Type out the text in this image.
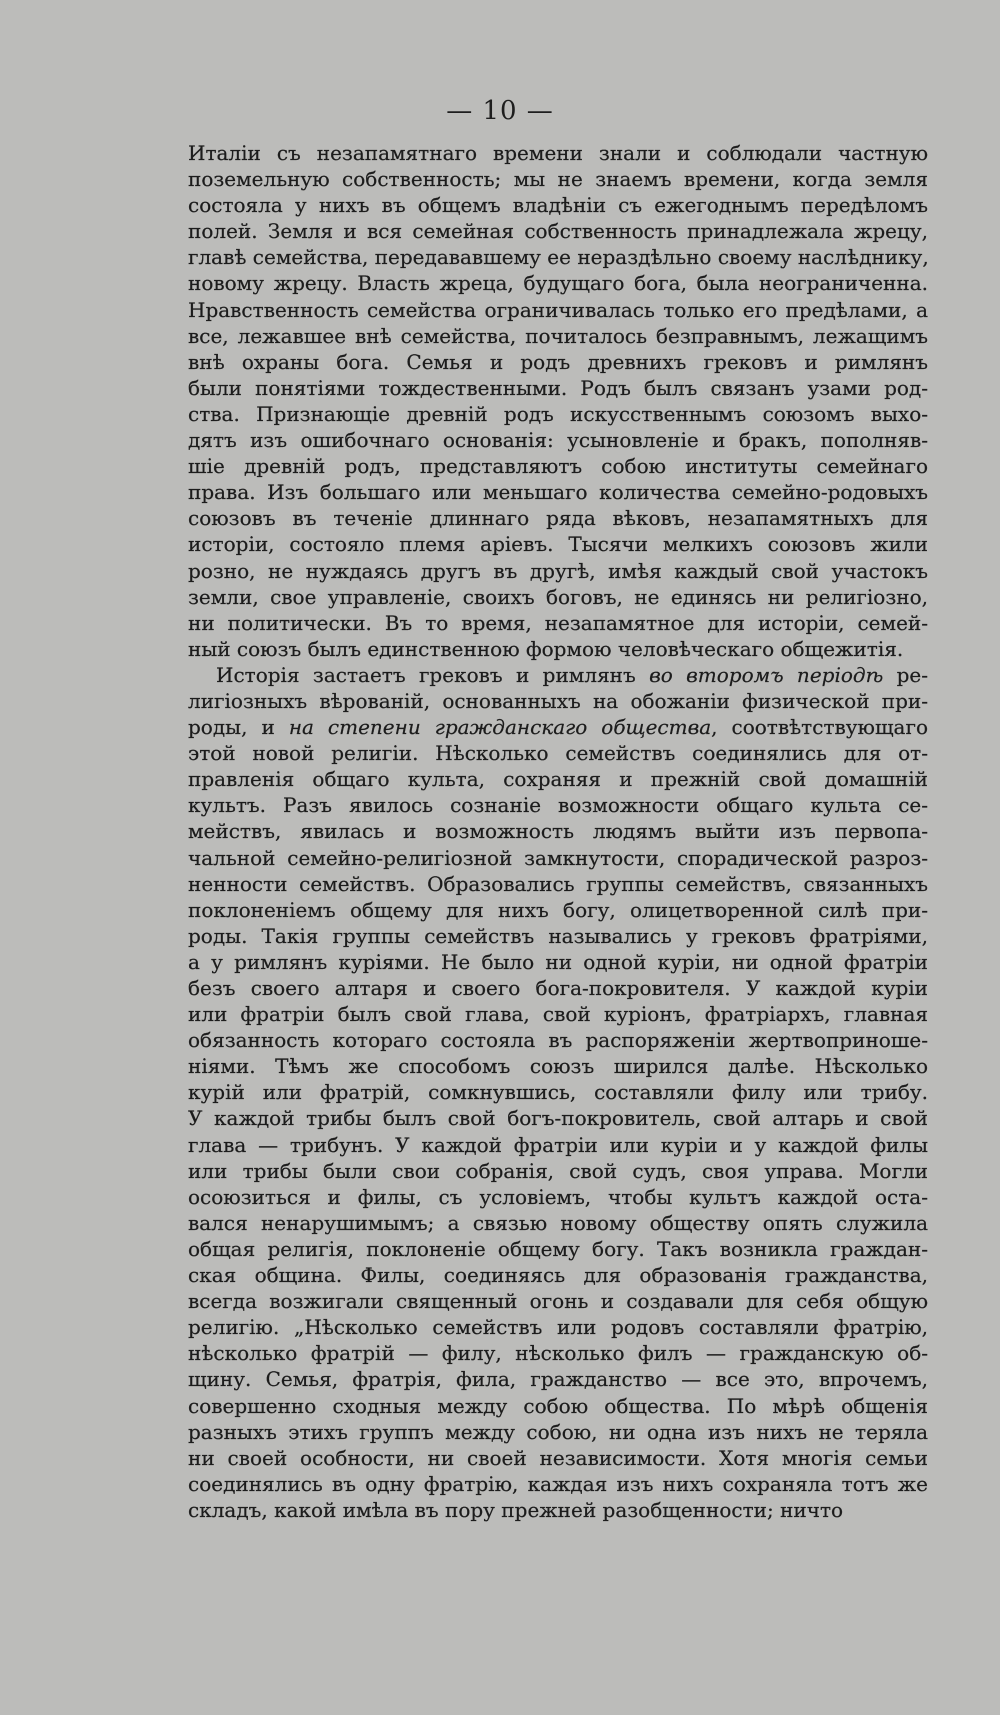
— 10 —
Италіи съ незапамятнаго времени знали и соблюдали частную
поземельную собственность; мы не знаемъ времени, когда земля
состояла у нихъ въ общемъ владѣніи съ ежегоднымъ передѣломъ
полей. Земля и вся семейная собственность принадлежала жрецу,
главѣ семейства, передававшему ее нераздѣльно своему наслѣднику,
новому жрецу. Власть жреца, будущаго бога, была неограниченна.
Нравственность семейства ограничивалась только его предѣлами, а
все, лежавшее внѣ семейства, почиталось безправнымъ, лежащимъ
внѣ охраны бога. Семья и родъ древнихъ грековъ и римлянъ
были понятіями тождественными. Родъ былъ связанъ узами род-
ства. Признающіе древній родъ искусственнымъ союзомъ выхо-
дятъ изъ ошибочнаго основанія: усыновленіе и бракъ, пополняв-
шіе древній родъ, представляютъ собою институты семейнаго
права. Изъ большаго или меньшаго количества семейно-родовыхъ
союзовъ въ теченіе длиннаго ряда вѣковъ, незапамятныхъ для
исторіи, состояло племя аріевъ. Тысячи мелкихъ союзовъ жили
розно, не нуждаясь другъ въ другѣ, имѣя каждый свой участокъ
земли, свое управленіе, своихъ боговъ, не единясь ни религіозно,
ни политически. Въ то время, незапамятное для исторіи, семей-
ный союзъ былъ единственною формою человѣческаго общежитія.
Исторія застаетъ грековъ и римлянъ во второмъ періодѣ ре-
лигіозныхъ вѣрованій, основанныхъ на обожаніи физической при-
роды, и на степени гражданскаго общества, соотвѣтствующаго
этой новой религіи. Нѣсколько семействъ соединялись для от-
правленія общаго культа, сохраняя и прежній свой домашній
культъ. Разъ явилось сознаніе возможности общаго культа се-
мействъ, явилась и возможность людямъ выйти изъ первопа-
чальной семейно-религіозной замкнутости, спорадической разроз-
ненности семействъ. Образовались группы семействъ, связанныхъ
поклоненіемъ общему для нихъ богу, олицетворенной силѣ при-
роды. Такія группы семействъ назывались у грековъ фратріями,
а у римлянъ куріями. Не было ни одной куріи, ни одной фратріи
безъ своего алтаря и своего бога-покровителя. У каждой куріи
или фратріи былъ свой глава, свой куріонъ, фратріархъ, главная
обязанность котораго состояла въ распоряженіи жертвоприноше-
ніями. Тѣмъ же способомъ союзъ ширился далѣе. Нѣсколько
курій или фратрій, сомкнувшись, составляли филу или трибу.
У каждой трибы былъ свой богъ-покровитель, свой алтарь и свой
глава — трибунъ. У каждой фратріи или куріи и у каждой филы
или трибы были свои собранія, свой судъ, своя управа. Могли
осоюзиться и филы, съ условіемъ, чтобы культъ каждой оста-
вался ненарушимымъ; а связью новому обществу опять служила
общая религія, поклоненіе общему богу. Такъ возникла граждан-
ская община. Филы, соединяясь для образованія гражданства,
всегда возжигали священный огонь и создавали для себя общую
религію. „Нѣсколько семействъ или родовъ составляли фратрію,
нѣсколько фратрій — филу, нѣсколько филъ — гражданскую об-
щину. Семья, фратрія, фила, гражданство — все это, впрочемъ,
совершенно сходныя между собою общества. По мѣрѣ общенія
разныхъ этихъ группъ между собою, ни одна изъ нихъ не теряла
ни своей особности, ни своей независимости. Хотя многія семьи
соединялись въ одну фратрію, каждая изъ нихъ сохраняла тотъ же
складъ, какой имѣла въ пору прежней разобщенности; ничто
